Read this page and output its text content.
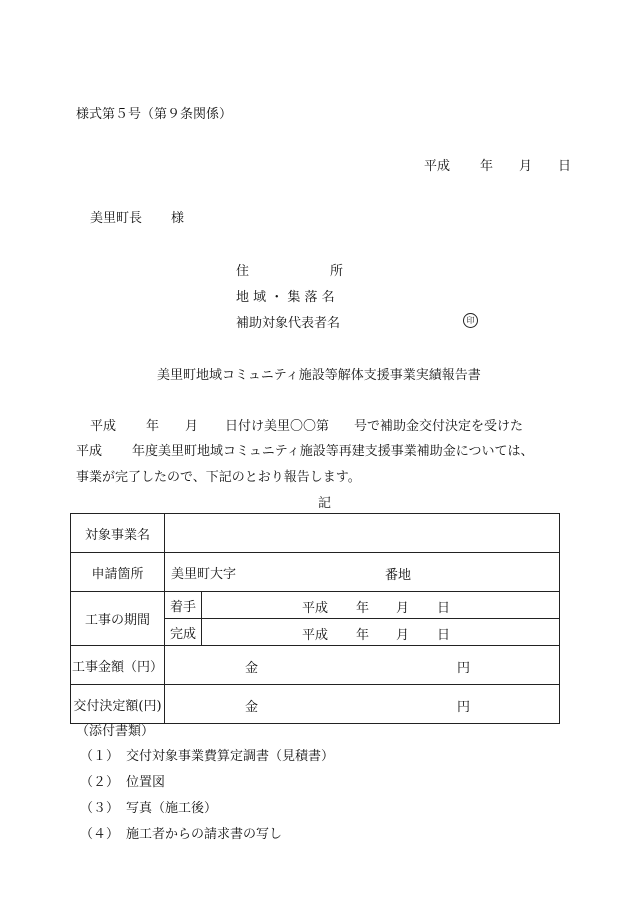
様式第５号（第９条関係）
平成 年 月 日
美里町長 様
住	所
地 域 ・ 集 落 名
補助対象代表者名	印
美里町地域コミュニティ施設等解体支援事業実績報告書
平成 年 月 日付け美里〇〇第 号で補助金交付決定を受けた
平成 年度美里町地域コミュニティ施設等再建支援事業補助金については、
事業が完了したので、下記のとおり報告します。
記
対象事業名		
申請箇所	美里町大字 番地	

工事の期間	着手	平成 年 月 日

	完成	平成 年 月 日

工事金額（円）	金 円	

交付決定額(円)	金 円	
（添付書類）
（１） 交付対象事業費算定調書（見積書）
（２） 位置図
（３） 写真（施工後）
（４） 施工者からの請求書の写し
